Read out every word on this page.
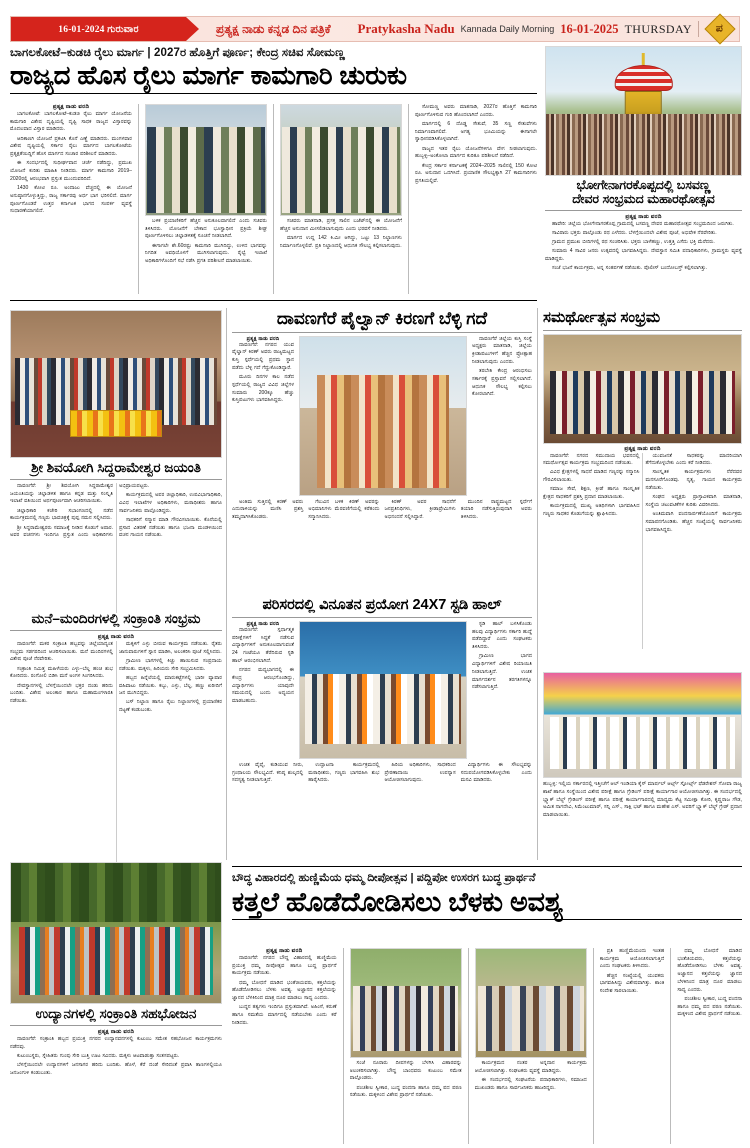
16-01-2024 ಗುರುವಾರ	ಪ್ರತ್ಯಕ್ಷ ನಾಡು ಕನ್ನಡ ದಿನ ಪತ್ರಿಕೆ Pratykasha Nadu Kannada Daily Morning 16-01-2025 THURSDAY ಪ
ಬಾಗಲಕೋಟೆ–ಕುಡಚಿ ರೈಲು ಮಾರ್ಗ | 2027ರ ಹೊತ್ತಿಗೆ ಪೂರ್ಣ; ಕೇಂದ್ರ ಸಚಿವ ಸೋಮಣ್ಣ
ರಾಜ್ಯದ ಹೊಸ ರೈಲು ಮಾರ್ಗ ಕಾಮಗಾರಿ ಚುರುಕು
ಪ್ರತ್ಯಕ್ಷ ನಾಡು ವರದಿ

ಬಾಗಲಕೋಟೆ: ಬಾಗಲಕೋಟೆ–ಕುಡಚಿ ರೈಲು ಮಾರ್ಗ ಯೋಜನೆಯ ಕಾಮಗಾರಿ ವಿಶೇಷ ದೃಷ್ಟಿಯಲ್ಲಿ ದೃಷ್ಟಿ ಸಾಧಕ ರಾಜ್ಯದ ವಿಸ್ತಾರವನ್ನು ಮೊದಲವಾದ ವಿಸ್ತಾರ ಮಾಡಿದರು.

ಆದಿಕಾಣಗಿ ಯೋಜನೆ ಪ್ರಕಟಿಸಿ ಕೊನೆ ಎಣ್ಣೆ ಮಾಡಿದರು. ಮಂಗಳವಾರ ವಿಶೇಷ ದೃಷ್ಟಿಯಲ್ಲಿ ಸರ್ಕಾರ ರೈಲು ಮಾರ್ಗದ ಬಾಗಲಕೋಟೆಯ ಪ್ರತ್ಯಕ್ಷತೆಯಿದ್ದಿಗೆ ಹೊಸ ಮಾರ್ಗದ ಸಂಚಾರ ಪರಿಶೀಲನೆ ಮಾಡಿದರು.

ಈ ಸಂದರ್ಭದಲ್ಲಿ ಸುಧೀರ್ಘವಾದ ಚರ್ಚೆ ನಡೆದಿದ್ದು, ಪ್ರಮುಖ ಯೋಜನೆ ಕುರಿತು ಮಾಹಿತಿ ನೀಡಿದರು. ಮಾರ್ಗ ಕಾಮಗಾರಿ 2019–2020ರಲ್ಲಿ ಆರಂಭವಾಗಿ ಪ್ರಸ್ತುತ ಮುಂದುವರಿದಿದೆ.

1430 ಕೋಟಿ ರೂ. ಅಂದಾಜು ವೆಚ್ಚದಲ್ಲಿ ಈ ಯೋಜನೆ ಅನುಷ್ಠಾನಗೊಳ್ಳುತ್ತಿದ್ದು, ರಾಜ್ಯ ಸರ್ಕಾರವು ಅರ್ಧ ಭಾಗ ಭರಿಸಲಿದೆ. ಮಾರ್ಗ ಪೂರ್ಣಗೊಂಡರೆ ಉತ್ತರ ಕರ್ನಾಟಕ ಭಾಗದ ಸಂಪರ್ಕ ವ್ಯವಸ್ಥೆ ಸುಧಾರಣೆಯಾಗಲಿದೆ.

ಬಳಿಕ ಪ್ರಯಾಣಿಕರಿಗೆ ಹೆಚ್ಚಿನ ಅನುಕೂಲವಾಗಲಿದೆ ಎಂದು ಸಚಿವರು ತಿಳಿಸಿದರು. ಯೋಜನೆಗೆ ಬೇಕಾದ ಭೂಸ್ವಾಧೀನ ಪ್ರಕ್ರಿಯೆ ಶೀಘ್ರ ಪೂರ್ಣಗೊಳಿಸಲು ಜಿಲ್ಲಾಡಳಿತಕ್ಕೆ ಸೂಚನೆ ನೀಡಲಾಗಿದೆ.

ಈಗಾಗಲೇ ಶೇ.60ರಷ್ಟು ಕಾಮಗಾರಿ ಮುಗಿದಿದ್ದು, ಉಳಿದ ಭಾಗವನ್ನು ನಿಗದಿತ ಅವಧಿಯೊಳಗೆ ಮುಗಿಸಲಾಗುವುದು. ರೈಲ್ವೆ ಇಲಾಖೆ ಅಧಿಕಾರಿಗಳೊಂದಿಗೆ ಸಭೆ ನಡೆಸಿ ಪ್ರಗತಿ ಪರಿಶೀಲನೆ ಮಾಡಲಾಯಿತು.

ಸಚಿವರು ಮಾತನಾಡಿ, ಪ್ರಸಕ್ತ ಸಾಲಿನ ಬಜೆಟ್‌ನಲ್ಲಿ ಈ ಯೋಜನೆಗೆ ಹೆಚ್ಚಿನ ಅನುದಾನ ಮೀಸಲಿಡಲಾಗುವುದು ಎಂದು ಭರವಸೆ ನೀಡಿದರು.

ಮಾರ್ಗದ ಉದ್ದ 142 ಕಿ.ಮೀ ಆಗಿದ್ದು, ಒಟ್ಟು 13 ನಿಲ್ದಾಣಗಳು ನಿರ್ಮಾಣಗೊಳ್ಳಲಿವೆ. ಪ್ರತಿ ನಿಲ್ದಾಣದಲ್ಲಿ ಆಧುನಿಕ ಸೌಲಭ್ಯ ಕಲ್ಪಿಸಲಾಗುವುದು.

ಸೋಮಣ್ಣ ಅವರು ಮಾತನಾಡಿ, 2027ರ ಹೊತ್ತಿಗೆ ಕಾಮಗಾರಿ ಪೂರ್ಣಗೊಳಿಸುವ ಗುರಿ ಹೊಂದಲಾಗಿದೆ ಎಂದರು.

ಮಾರ್ಗದಲ್ಲಿ 6 ದೊಡ್ಡ ಸೇತುವೆ, 35 ಸಣ್ಣ ಸೇತುವೆಗಳು ನಿರ್ಮಾಣವಾಗಲಿವೆ. ಅಗತ್ಯ ಭೂಮಿಯನ್ನು ಈಗಾಗಲೇ ಸ್ವಾಧೀನಪಡಿಸಿಕೊಳ್ಳಲಾಗಿದೆ.

ರಾಜ್ಯದ ಇತರ ರೈಲು ಯೋಜನೆಗಳಿಗೂ ವೇಗ ನೀಡಲಾಗುವುದು. ಹುಬ್ಬಳ್ಳಿ–ಅಂಕೋಲಾ ಮಾರ್ಗದ ಕುರಿತೂ ಪರಿಶೀಲನೆ ನಡೆದಿದೆ.

ಕೇಂದ್ರ ಸರ್ಕಾರ ಕರ್ನಾಟಕಕ್ಕೆ 2024–2025 ಸಾಲಿನಲ್ಲಿ 150 ಕೋಟಿ ರೂ. ಅನುದಾನ ಒದಗಿಸಿದೆ. ಪ್ರಯಾಣಿಕ ಸೌಲಭ್ಯಕ್ಕಾಗಿ 27 ಕಾಮಗಾರಿಗಳು ಪ್ರಗತಿಯಲ್ಲಿವೆ.	ಭೋಗೇನಾಗರಕೊಪ್ಪದಲ್ಲಿ ಬಸವಣ್ಣ
ದೇವರ ಸಂಭ್ರಮದ ಮಹಾರಥೋತ್ಸವ
ಪ್ರತ್ಯಕ್ಷ ನಾಡು ವರದಿ

ಹಾವೇರಿ: ಜಿಲ್ಲೆಯ ಭೋಗೇನಾಗರಕೊಪ್ಪ ಗ್ರಾಮದಲ್ಲಿ ಬಸವಣ್ಣ ದೇವರ ಮಹಾರಥೋತ್ಸವ ಸಂಭ್ರಮದಿಂದ ಜರುಗಿತು.

ಸಾವಿರಾರು ಭಕ್ತರು ಪಾಲ್ಗೊಂಡು ರಥ ಎಳೆದರು. ಬೆಳಗ್ಗೆಯಿಂದಲೇ ವಿಶೇಷ ಪೂಜೆ, ಅಭಿಷೇಕ ನೆರವೇರಿತು.

ಗ್ರಾಮದ ಪ್ರಮುಖ ಬೀದಿಗಳಲ್ಲಿ ರಥ ಸಂಚರಿಸಿತು. ಭಕ್ತರು ಬಾಳೆಹಣ್ಣು, ಉತ್ತತ್ತಿ ಎಸೆದು ಭಕ್ತಿ ಮೆರೆದರು.

ಸುಮಾರು 4 ಸಾವಿರ ಜನರು ಉತ್ಸವದಲ್ಲಿ ಭಾಗವಹಿಸಿದ್ದರು. ದೇವಸ್ಥಾನ ಸಮಿತಿ ಪದಾಧಿಕಾರಿಗಳು, ಗ್ರಾಮಸ್ಥರು ವ್ಯವಸ್ಥೆ ಮಾಡಿದ್ದರು.

ಸಂಜೆ ಭಜನೆ ಕಾರ್ಯಕ್ರಮ, ಅನ್ನ ಸಂತರ್ಪಣೆ ನಡೆಯಿತು. ಪೊಲೀಸ್ ಬಂದೋಬಸ್ತ್ ಕಲ್ಪಿಸಲಾಗಿತ್ತು.

ಶ್ರೀ ಶಿವಯೋಗಿ ಸಿದ್ದರಾಮೇಶ್ವರ ಜಯಂತಿ

ದಾವಣಗೆರೆ: ಶ್ರೀ ಶಿವಯೋಗಿ ಸಿದ್ದರಾಮೇಶ್ವರ ಜಯಂತಿಯನ್ನು ಜಿಲ್ಲಾಡಳಿತ ಹಾಗೂ ಕನ್ನಡ ಮತ್ತು ಸಂಸ್ಕೃತಿ ಇಲಾಖೆ ವತಿಯಿಂದ ಅರ್ಥಪೂರ್ಣವಾಗಿ ಆಚರಿಸಲಾಯಿತು.

ಜಿಲ್ಲಾಧಿಕಾರಿ ಕಚೇರಿ ಸಭಾಂಗಣದಲ್ಲಿ ನಡೆದ ಕಾರ್ಯಕ್ರಮದಲ್ಲಿ ಗಣ್ಯರು ಭಾವಚಿತ್ರಕ್ಕೆ ಪುಷ್ಪ ನಮನ ಸಲ್ಲಿಸಿದರು.

ಶ್ರೀ ಸಿದ್ದರಾಮೇಶ್ವರರು ಸಮಾಜಕ್ಕೆ ನೀಡಿದ ಕೊಡುಗೆ ಅಪಾರ. ಅವರ ವಚನಗಳು ಇಂದಿಗೂ ಪ್ರಸ್ತುತ ಎಂದು ಅಧಿಕಾರಿಗಳು ಅಭಿಪ್ರಾಯಪಟ್ಟರು.

ಕಾರ್ಯಕ್ರಮದಲ್ಲಿ ಅಪರ ಜಿಲ್ಲಾಧಿಕಾರಿ, ಉಪವಿಭಾಗಾಧಿಕಾರಿ, ವಿವಿಧ ಇಲಾಖೆಗಳ ಅಧಿಕಾರಿಗಳು, ಮಠಾಧೀಶರು ಹಾಗೂ ಸಾರ್ವಜನಿಕರು ಪಾಲ್ಗೊಂಡಿದ್ದರು.

ಸಾಧಕರಿಗೆ ಸನ್ಮಾನ ಮಾಡಿ ಗೌರವಿಸಲಾಯಿತು. ಕೊನೆಯಲ್ಲಿ ಪ್ರಸಾದ ವಿತರಣೆ ನಡೆಯಿತು ಹಾಗೂ ಭಜನಾ ಮಂಡಳಿಯಿಂದ ವಚನ ಗಾಯನ ನಡೆಯಿತು.

ಮನೆ–ಮಂದಿರಗಳಲ್ಲಿ ಸಂಕ್ರಾಂತಿ ಸಂಭ್ರಮ
ಪ್ರತ್ಯಕ್ಷ ನಾಡು ವರದಿ

ದಾವಣಗೆರೆ: ಮಕರ ಸಂಕ್ರಾಂತಿ ಹಬ್ಬವನ್ನು ಜಿಲ್ಲೆಯಾದ್ಯಂತ ಸಂಭ್ರಮ ಸಡಗರದಿಂದ ಆಚರಿಸಲಾಯಿತು. ಮನೆ ಮಂದಿರಗಳಲ್ಲಿ ವಿಶೇಷ ಪೂಜೆ ನೆರವೇರಿತು.

ಸಂಕ್ರಾಂತಿ ನಿಮಿತ್ತ ಮಹಿಳೆಯರು ಎಳ್ಳು–ಬೆಲ್ಲ ಹಂಚಿ ಶುಭ ಕೋರಿದರು. ರಂಗೋಲಿ ಬಿಡಿಸಿ ಮನೆ ಅಂಗಳ ಸಿಂಗರಿಸಿದರು.

ದೇವಸ್ಥಾನಗಳಲ್ಲಿ ಬೆಳಗ್ಗೆಯಿಂದಲೇ ಭಕ್ತರ ದಂಡು ಹರಿದು ಬಂದಿತು. ವಿಶೇಷ ಅಲಂಕಾರ ಹಾಗೂ ಮಹಾಮಂಗಳಾರತಿ ನಡೆಯಿತು.

ಮಕ್ಕಳಿಗೆ ಎಳ್ಳು ಬೀರುವ ಕಾರ್ಯಕ್ರಮ ನಡೆಯಿತು. ರೈತರು ಜಾನುವಾರುಗಳಿಗೆ ಸ್ನಾನ ಮಾಡಿಸಿ, ಅಲಂಕರಿಸಿ ಪೂಜೆ ಸಲ್ಲಿಸಿದರು.

ಗ್ರಾಮೀಣ ಭಾಗಗಳಲ್ಲಿ ಕಿಚ್ಚು ಹಾಯಿಸುವ ಸಂಪ್ರದಾಯ ನಡೆಯಿತು. ಮಕ್ಕಳು, ಹಿರಿಯರು ಸೇರಿ ಸಂಭ್ರಮಿಸಿದರು.

ಹಬ್ಬದ ಹಿನ್ನೆಲೆಯಲ್ಲಿ ಮಾರುಕಟ್ಟೆಗಳಲ್ಲಿ ಭಾರೀ ವ್ಯಾಪಾರ ವಹಿವಾಟು ನಡೆಯಿತು. ಕಬ್ಬು, ಎಳ್ಳು, ಬೆಲ್ಲ, ಹಣ್ಣು ಖರೀದಿಗೆ ಜನ ಮುಗಿಬಿದ್ದರು.

ಬಸ್ ನಿಲ್ದಾಣ ಹಾಗೂ ರೈಲು ನಿಲ್ದಾಣಗಳಲ್ಲಿ ಪ್ರಯಾಣಿಕರ ದಟ್ಟಣೆ ಕಂಡುಬಂತು.

ಉದ್ಯಾನಗಳಲ್ಲಿ ಸಂಕ್ರಾಂತಿ ಸಹಭೋಜನ
ಪ್ರತ್ಯಕ್ಷ ನಾಡು ವರದಿ

ದಾವಣಗೆರೆ: ಸಂಕ್ರಾಂತಿ ಹಬ್ಬದ ಪ್ರಯುಕ್ತ ನಗರದ ಉದ್ಯಾನವನಗಳಲ್ಲಿ ಕುಟುಂಬ ಸಮೇತ ಸಹಭೋಜನ ಕಾರ್ಯಕ್ರಮಗಳು ನಡೆದವು.

ಕುಟುಂಬಸ್ಥರು, ಸ್ನೇಹಿತರು ಗುಂಪು ಸೇರಿ ಬುತ್ತಿ ಊಟ ಸವಿದರು. ಮಕ್ಕಳು ಆಟವಾಡುತ್ತಾ ಸಂತಸಪಟ್ಟರು.

ಬೆಳಗ್ಗೆಯಿಂದಲೇ ಉದ್ಯಾನಗಳಿಗೆ ಜನಸಾಗರ ಹರಿದು ಬಂದಿತು. ಹೊಳೆ, ಕೆರೆ ದಂಡೆ ಸೇರಿದಂತೆ ಪ್ರವಾಸಿ ತಾಣಗಳಲ್ಲಿಯೂ ಜನಜಂಗುಳಿ ಕಂಡುಬಂತು.

ದಾವಣಗೆರೆ ಪೈಲ್ವಾನ್ ಕಿರಣಗೆ ಬೆಳ್ಳಿ ಗದೆ
ಪ್ರತ್ಯಕ್ಷ ನಾಡು ವರದಿ

ದಾವಣಗೆರೆ: ನಗರದ ಯುವ ಪೈಲ್ವಾನ್ ಕಿರಣ್ ಅವರು ರಾಜ್ಯಮಟ್ಟದ ಕುಸ್ತಿ ಸ್ಪರ್ಧೆಯಲ್ಲಿ ಪ್ರಥಮ ಸ್ಥಾನ ಪಡೆದು ಬೆಳ್ಳಿ ಗದೆ ಗೆದ್ದುಕೊಂಡಿದ್ದಾರೆ.

ಮೂರು ದಿನಗಳ ಕಾಲ ನಡೆದ ಸ್ಪರ್ಧೆಯಲ್ಲಿ ರಾಜ್ಯದ ವಿವಿಧ ಜಿಲ್ಲೆಗಳ ಸುಮಾರು 200ಕ್ಕೂ ಹೆಚ್ಚು ಕುಸ್ತಿಪಟುಗಳು ಭಾಗವಹಿಸಿದ್ದರು.

ದಾವಣಗೆರೆ ಜಿಲ್ಲೆಯ ಕುಸ್ತಿ ಸಂಸ್ಥೆ ಅಧ್ಯಕ್ಷರು ಮಾತನಾಡಿ, ಜಿಲ್ಲೆಯ ಕ್ರೀಡಾಪಟುಗಳಿಗೆ ಹೆಚ್ಚಿನ ಪ್ರೋತ್ಸಾಹ ನೀಡಲಾಗುವುದು ಎಂದರು.

ತರಬೇತಿ ಕೇಂದ್ರ ಆರಂಭಿಸಲು ಸರ್ಕಾರಕ್ಕೆ ಪ್ರಸ್ತಾವನೆ ಸಲ್ಲಿಸಲಾಗಿದೆ. ಆಧುನಿಕ ಸೌಲಭ್ಯ ಕಲ್ಪಿಸಲು ಕೋರಲಾಗಿದೆ.

ಅಂತಿಮ ಸುತ್ತಿನಲ್ಲಿ ಕಿರಣ್ ಅವರು ಎದುರಾಳಿಯನ್ನು ಮಣಿಸಿ ಪ್ರಶಸ್ತಿ ತಮ್ಮದಾಗಿಸಿಕೊಂಡರು.

ಗೆಲುವಿನ ಬಳಿಕ ಕಿರಣ್ ಅವರನ್ನು ಅಭಿಮಾನಿಗಳು ಮೆರವಣಿಗೆಯಲ್ಲಿ ಕರೆತಂದು ಸನ್ಮಾನಿಸಿದರು.

ಕಿರಣ್ ಅವರ ಸಾಧನೆಗೆ ಜನಪ್ರತಿನಿಧಿಗಳು, ಕ್ರೀಡಾಪ್ರೇಮಿಗಳು ಅಭಿನಂದನೆ ಸಲ್ಲಿಸಿದ್ದಾರೆ.

ಮುಂದಿನ ರಾಷ್ಟ್ರಮಟ್ಟದ ಸ್ಪರ್ಧೆಗೆ ತಯಾರಿ ನಡೆಸುತ್ತಿರುವುದಾಗಿ ಅವರು ತಿಳಿಸಿದರು.

ಪರಿಸರದಲ್ಲಿ ವಿನೂತನ ಪ್ರಯೋಗ 24X7 ಸ್ಟಡಿ ಹಾಲ್
ಪ್ರತ್ಯಕ್ಷ ನಾಡು ವರದಿ

ದಾವಣಗೆರೆ: ಸ್ಪರ್ಧಾತ್ಮಕ ಪರೀಕ್ಷೆಗಳಿಗೆ ಸಿದ್ಧತೆ ನಡೆಸುವ ವಿದ್ಯಾರ್ಥಿಗಳಿಗೆ ಅನುಕೂಲವಾಗುವಂತೆ 24 ಗಂಟೆಯೂ ತೆರೆದಿರುವ ಸ್ಟಡಿ ಹಾಲ್ ಆರಂಭಿಸಲಾಗಿದೆ.

ನಗರದ ಮಧ್ಯಭಾಗದಲ್ಲಿ ಈ ಕೇಂದ್ರ ಆರಂಭಗೊಂಡಿದ್ದು, ವಿದ್ಯಾರ್ಥಿಗಳು ಯಾವುದೇ ಸಮಯದಲ್ಲಿ ಬಂದು ಅಧ್ಯಯನ ಮಾಡಬಹುದು.

ಸ್ಟಡಿ ಹಾಲ್ ಬಳಸಿಕೊಂಡು ಹಲವು ವಿದ್ಯಾರ್ಥಿಗಳು ಸರ್ಕಾರಿ ಹುದ್ದೆ ಪಡೆದಿದ್ದಾರೆ ಎಂದು ಸಂಘಟಕರು ತಿಳಿಸಿದರು.

ಗ್ರಾಮೀಣ ಭಾಗದ ವಿದ್ಯಾರ್ಥಿಗಳಿಗೆ ವಿಶೇಷ ರಿಯಾಯಿತಿ ನೀಡಲಾಗುತ್ತಿದೆ. ಉಚಿತ ಮಾರ್ಗದರ್ಶನ ತರಗತಿಗಳನ್ನೂ ನಡೆಸಲಾಗುತ್ತಿದೆ.

ಉಚಿತ ವೈಫೈ, ಕುಡಿಯುವ ನೀರು, ಗ್ರಂಥಾಲಯ ಸೌಲಭ್ಯವಿದೆ. ಕನಿಷ್ಠ ಶುಲ್ಕದಲ್ಲಿ ಸದಸ್ಯತ್ವ ನೀಡಲಾಗುತ್ತಿದೆ.

ಉದ್ಘಾಟನಾ ಕಾರ್ಯಕ್ರಮದಲ್ಲಿ ಮಠಾಧೀಶರು, ಗಣ್ಯರು ಭಾಗವಹಿಸಿ ಶುಭ ಹಾರೈಸಿದರು.

ಹಿರಿಯ ಅಧಿಕಾರಿಗಳು, ಸಾಧಕರಿಂದ ಪ್ರೇರಣಾದಾಯಿ ಉಪನ್ಯಾಸ ಆಯೋಜಿಸಲಾಗುವುದು.

ವಿದ್ಯಾರ್ಥಿಗಳು ಈ ಸೌಲಭ್ಯವನ್ನು ಸದುಪಯೋಗಪಡಿಸಿಕೊಳ್ಳಬೇಕು ಎಂದು ಮನವಿ ಮಾಡಿದರು.

ಸಮರ್ಥೋತ್ಸವ ಸಂಭ್ರಮ
ಪ್ರತ್ಯಕ್ಷ ನಾಡು ವರದಿ

ದಾವಣಗೆರೆ: ನಗರದ ಸಮುದಾಯ ಭವನದಲ್ಲಿ ಸಮರ್ಥೋತ್ಸವ ಕಾರ್ಯಕ್ರಮ ಸಂಭ್ರಮದಿಂದ ನಡೆಯಿತು.

ವಿವಿಧ ಕ್ಷೇತ್ರಗಳಲ್ಲಿ ಸಾಧನೆ ಮಾಡಿದ ಗಣ್ಯರನ್ನು ಸನ್ಮಾನಿಸಿ ಗೌರವಿಸಲಾಯಿತು.

ಸಮಾಜ ಸೇವೆ, ಶಿಕ್ಷಣ, ಕ್ರೀಡೆ ಹಾಗೂ ಸಾಂಸ್ಕೃತಿಕ ಕ್ಷೇತ್ರದ ಸಾಧಕರಿಗೆ ಪ್ರಶಸ್ತಿ ಪ್ರದಾನ ಮಾಡಲಾಯಿತು.

ಕಾರ್ಯಕ್ರಮದಲ್ಲಿ ಮುಖ್ಯ ಅತಿಥಿಗಳಾಗಿ ಭಾಗವಹಿಸಿದ ಗಣ್ಯರು ಸಾಧಕರ ಕೊಡುಗೆಯನ್ನು ಶ್ಲಾಘಿಸಿದರು.

ಯುವಜನತೆ ಸಾಧಕರನ್ನು ಮಾದರಿಯಾಗಿ ತೆಗೆದುಕೊಳ್ಳಬೇಕು ಎಂದು ಕರೆ ನೀಡಿದರು.

ಸಾಂಸ್ಕೃತಿಕ ಕಾರ್ಯಕ್ರಮಗಳು ನೆರೆದವರ ಮನಸೂರೆಗೊಂಡವು. ನೃತ್ಯ, ಗಾಯನ ಕಾರ್ಯಕ್ರಮ ನಡೆಯಿತು.

ಸಂಘದ ಅಧ್ಯಕ್ಷರು ಪ್ರಾಸ್ತಾವಿಕವಾಗಿ ಮಾತನಾಡಿ, ಸಂಸ್ಥೆಯ ಚಟುವಟಿಕೆಗಳ ಕುರಿತು ವಿವರಿಸಿದರು.

ಅಂತಿಮವಾಗಿ ವಂದನಾರ್ಪಣೆಯೊಂದಿಗೆ ಕಾರ್ಯಕ್ರಮ ಸಮಾಪನಗೊಂಡಿತು. ಹೆಚ್ಚಿನ ಸಂಖ್ಯೆಯಲ್ಲಿ ಸಾರ್ವಜನಿಕರು ಭಾಗವಹಿಸಿದ್ದರು.

ಹುಬ್ಬಳ್ಳಿ: ಇಲ್ಲಿಯ ಸರ್ಕಾರದಲ್ಲಿ ಇತ್ತೀಚೆಗೆ ಆಲ್ ಇಂಡಿಯಾ ಕೈಸ್ ಮಾರ್ಷಲ್ ಆರ್ಟ್ಸ್ ಸ್ಪೋರ್ಟ್ಸ್ ಫೆಡರೇಶನ್ ಗೋವಾ ರಾಜ್ಯ ಶಾಖೆ ಹಾಗೂ ಸಂಸ್ಥೆಯಿಂದ ವಿಶೇಷ ಪರೀಕ್ಷೆ ಹಾಗೂ ಗ್ರೇಡಿಂಗ್ ಪರೀಕ್ಷೆ ಕಾರ್ಯಾಗಾರ ಆಯೋಜಿಸಲಾಗಿತ್ತು. ಈ ಸಂದರ್ಭದಲ್ಲಿ ಬ್ಲ್ಯಾಕ್ ಬೆಲ್ಟ್ ಗ್ರೇಡಿಂಗ್ ಪರೀಕ್ಷೆ ಹಾಗೂ ಪರೀಕ್ಷೆ ಕಾರ್ಯಾಗಾರದಲ್ಲಿ ಮಾಧ್ಯಮ ಕೆಟ್ಟ ಸಮೀಕ್ಷಾ ಕೋರಿ, ಕೃಷ್ಣರಾಜ ಗೌಡ, ಅಮಿತ ನಾಗದೇವಿ, ಸಿಮೆಂಟುಮಾರ್, ಸನ್ನಿ ಎಸ್., ಸಾಕ್ಷಿ ಭಟ್ ಹಾಗೂ ಮಹೇಶ ಎಸ್. ಅವರಿಗೆ ಬ್ಲ್ಯಾಕ್ ಬೆಲ್ಟ್ ಗ್ರೇಡ್ ಪ್ರದಾನ ಮಾಡಲಾಯಿತು.
ಬೌದ್ಧ ವಿಹಾರದಲ್ಲಿ ಹುಣ್ಣಿಮೆಯ ಧಮ್ಮ ದೀಪೋತ್ಸವ | ಪದ್ದಿಪೋ ಉಸರಗ ಬುದ್ಧ ಪ್ರಾರ್ಥನೆ
ಕತ್ತಲೆ ಹೊಡೆದೋಡಿಸಲು ಬೆಳಕು ಅವಶ್ಯ
ಪ್ರತ್ಯಕ್ಷ ನಾಡು ವರದಿ

ದಾವಣಗೆರೆ: ನಗರದ ಬೌದ್ಧ ವಿಹಾರದಲ್ಲಿ ಹುಣ್ಣಿಮೆಯ ಪ್ರಯುಕ್ತ ಧಮ್ಮ ದೀಪೋತ್ಸವ ಹಾಗೂ ಬುದ್ಧ ಪ್ರಾರ್ಥನೆ ಕಾರ್ಯಕ್ರಮ ನಡೆಯಿತು.

ಧಮ್ಮ ಬೋಧನೆ ಮಾಡಿದ ಭಂತೆಜಿಯವರು, ಕತ್ತಲೆಯನ್ನು ಹೊಡೆದೋಡಿಸಲು ಬೆಳಕು ಅವಶ್ಯ. ಅಜ್ಞಾನದ ಕತ್ತಲೆಯನ್ನು ಜ್ಞಾನದ ಬೆಳಕಿನಿಂದ ಮಾತ್ರ ದೂರ ಮಾಡಲು ಸಾಧ್ಯ ಎಂದರು.

ಬುದ್ಧನ ತತ್ವಗಳು ಇಂದಿಗೂ ಪ್ರಸ್ತುತವಾಗಿವೆ. ಅಹಿಂಸೆ, ಕರುಣೆ ಹಾಗೂ ಸಮತೆಯ ಮಾರ್ಗದಲ್ಲಿ ನಡೆಯಬೇಕು ಎಂದು ಕರೆ ನೀಡಿದರು.

ಸಂಜೆ ನೂರಾರು ದೀಪಗಳನ್ನು ಬೆಳಗಿಸಿ ವಿಹಾರವನ್ನು ಅಲಂಕರಿಸಲಾಗಿತ್ತು. ಬೌದ್ಧ ಬಾಂಧವರು ಕುಟುಂಬ ಸಮೇತ ಪಾಲ್ಗೊಂಡರು.

ಪಂಚಶೀಲ ಸ್ವೀಕಾರ, ಬುದ್ಧ ವಂದನಾ ಹಾಗೂ ಧಮ್ಮ ಪದ ಪಠಣ ನಡೆಯಿತು. ಮಕ್ಕಳಿಂದ ವಿಶೇಷ ಪ್ರಾರ್ಥನೆ ನಡೆಯಿತು.

ಕಾರ್ಯಕ್ರಮದ ನಂತರ ಅನ್ನದಾನ ಕಾರ್ಯಕ್ರಮ ಆಯೋಜಿಸಲಾಗಿತ್ತು. ಸಂಘಟಕರು ವ್ಯವಸ್ಥೆ ಮಾಡಿದ್ದರು.

ಈ ಸಂದರ್ಭದಲ್ಲಿ ಸಂಘಟನೆಯ ಪದಾಧಿಕಾರಿಗಳು, ಸಮಾಜದ ಮುಖಂಡರು ಹಾಗೂ ಸಾರ್ವಜನಿಕರು ಹಾಜರಿದ್ದರು.

ಪ್ರತಿ ಹುಣ್ಣಿಮೆಯಂದು ಇಂತಹ ಕಾರ್ಯಕ್ರಮ ಆಯೋಜಿಸಲಾಗುತ್ತಿದೆ ಎಂದು ಸಂಘಟಕರು ತಿಳಿಸಿದರು.

ಹೆಚ್ಚಿನ ಸಂಖ್ಯೆಯಲ್ಲಿ ಯುವಕರು ಭಾಗವಹಿಸಿದ್ದು ವಿಶೇಷವಾಗಿತ್ತು. ಶಾಂತಿ ಸಂದೇಶ ಸಾರಲಾಯಿತು.

ಧಮ್ಮ ಬೋಧನೆ ಮಾಡಿದ ಭಂತೆಜಿಯವರು, ಕತ್ತಲೆಯನ್ನು ಹೊಡೆದೋಡಿಸಲು ಬೆಳಕು ಅವಶ್ಯ. ಅಜ್ಞಾನದ ಕತ್ತಲೆಯನ್ನು ಜ್ಞಾನದ ಬೆಳಕಿನಿಂದ ಮಾತ್ರ ದೂರ ಮಾಡಲು ಸಾಧ್ಯ ಎಂದರು.

ಪಂಚಶೀಲ ಸ್ವೀಕಾರ, ಬುದ್ಧ ವಂದನಾ ಹಾಗೂ ಧಮ್ಮ ಪದ ಪಠಣ ನಡೆಯಿತು. ಮಕ್ಕಳಿಂದ ವಿಶೇಷ ಪ್ರಾರ್ಥನೆ ನಡೆಯಿತು.
